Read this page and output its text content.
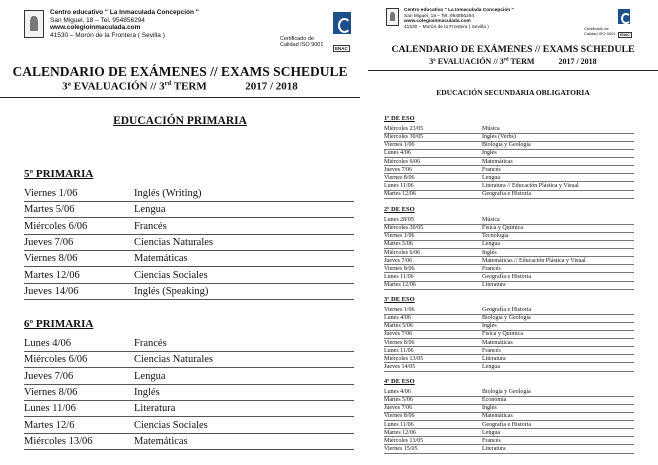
Centro educativo " La Inmaculada Concepción "
San Miguel, 18 – Tel. 954856294
www.colegioinmaculada.com
41530 – Morón de la Frontera ( Sevilla )
Certificado de
Calidad ISO 9001
ENAC
CALENDARIO DE EXÁMENES // EXAMS SCHEDULE
3ª EVALUACIÓN // 3rd TERM	2017 / 2018
EDUCACIÓN PRIMARIA
5º PRIMARIA
Viernes 1/06	Inglés (Writing)
Martes 5/06	Lengua
Miércoles 6/06	Francés
Jueves 7/06	Ciencias Naturales
Viernes 8/06	Matemáticas
Martes 12/06	Ciencias Sociales
Jueves 14/06	Inglés (Speaking)
6º PRIMARIA
Lunes 4/06	Francés
Miércoles 6/06	Ciencias Naturales
Jueves 7/06	Lengua
Viernes 8/06	Inglés
Lunes 11/06	Literatura
Martes 12/6	Ciencias Sociales
Miércoles 13/06	Matemáticas
Centro educativo " La Inmaculada Concepción "
San Miguel, 18 – Tel. 954856294
www.colegioinmaculada.com
41530 – Morón de la Frontera ( Sevilla )	Certificado de
Calidad ISO 9001	ENAC
CALENDARIO DE EXÁMENES // EXAMS SCHEDULE
3ª EVALUACIÓN // 3rd TERM	2017 / 2018
EDUCACIÓN SECUNDARIA OBLIGATORIA
1º DE ESO
Miércoles 23/05	Música
Miércoles 30/05	Inglés (Verbs)
Viernes 1/06	Biología y Geología
Lunes 4/06	Inglés
Miércoles 6/06	Matemáticas
Jueves 7/06	Francés
Viernes 8/06	Lengua
Lunes 11/06	Literatura // Educación Plástica y Visual
Martes 12/06	Geografía e Historia
2º DE ESO
Lunes 28/05	Música
Miércoles 30/05	Física y Química
Viernes 1/06	Tecnología
Martes 5/06	Lengua
Miércoles 6/06	Inglés
Jueves 7/06	Matemáticas // Educación Plástica y Visual
Viernes 8/06	Francés
Lunes 11/06	Geografía e Historia
Martes 12/06	Literatura
3º DE ESO
Viernes 1/06	Geografía e Historia
Lunes 4/06	Biología y Geología
Martes 5/06	Inglés
Jueves 7/06	Física y Química
Viernes 8/06	Matemáticas
Lunes 11/06	Francés
Miércoles 13/05	Literatura
Jueves 14/05	Lengua
4º DE ESO
Lunes 4/06	Biología y Geología
Martes 5/06	Economía
Jueves 7/06	Inglés
Viernes 8/06	Matemáticas
Lunes 11/06	Geografía e Historia
Martes 12/06	Lengua
Miércoles 13/05	Francés
Viernes 15/05	Literatura
